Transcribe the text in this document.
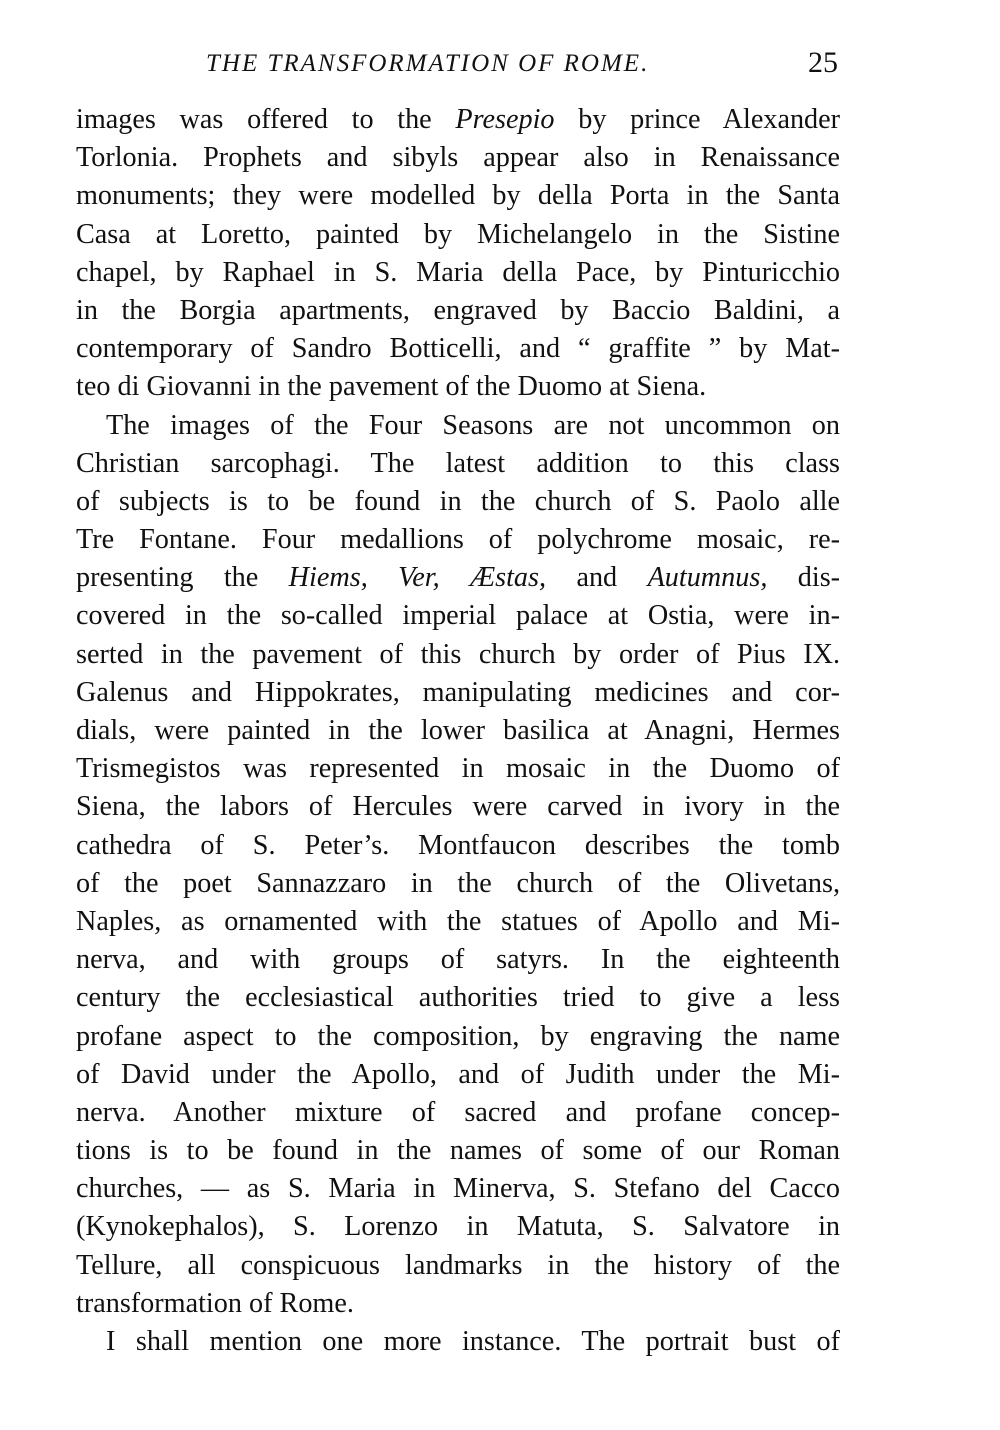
THE TRANSFORMATION OF ROME.	25
images was offered to the Presepio by prince Alexander
Torlonia. Prophets and sibyls appear also in Renaissance
monuments; they were modelled by della Porta in the Santa
Casa at Loretto, painted by Michelangelo in the Sistine
chapel, by Raphael in S. Maria della Pace, by Pinturicchio
in the Borgia apartments, engraved by Baccio Baldini, a
contemporary of Sandro Botticelli, and “ graffite ” by Mat-
teo di Giovanni in the pavement of the Duomo at Siena.
The images of the Four Seasons are not uncommon on
Christian sarcophagi. The latest addition to this class
of subjects is to be found in the church of S. Paolo alle
Tre Fontane. Four medallions of polychrome mosaic, re-
presenting the Hiems, Ver, Æstas, and Autumnus, dis-
covered in the so-called imperial palace at Ostia, were in-
serted in the pavement of this church by order of Pius IX.
Galenus and Hippokrates, manipulating medicines and cor-
dials, were painted in the lower basilica at Anagni, Hermes
Trismegistos was represented in mosaic in the Duomo of
Siena, the labors of Hercules were carved in ivory in the
cathedra of S. Peter’s. Montfaucon describes the tomb
of the poet Sannazzaro in the church of the Olivetans,
Naples, as ornamented with the statues of Apollo and Mi-
nerva, and with groups of satyrs. In the eighteenth
century the ecclesiastical authorities tried to give a less
profane aspect to the composition, by engraving the name
of David under the Apollo, and of Judith under the Mi-
nerva. Another mixture of sacred and profane concep-
tions is to be found in the names of some of our Roman
churches, — as S. Maria in Minerva, S. Stefano del Cacco
(Kynokephalos), S. Lorenzo in Matuta, S. Salvatore in
Tellure, all conspicuous landmarks in the history of the
transformation of Rome.
I shall mention one more instance. The portrait bust of
